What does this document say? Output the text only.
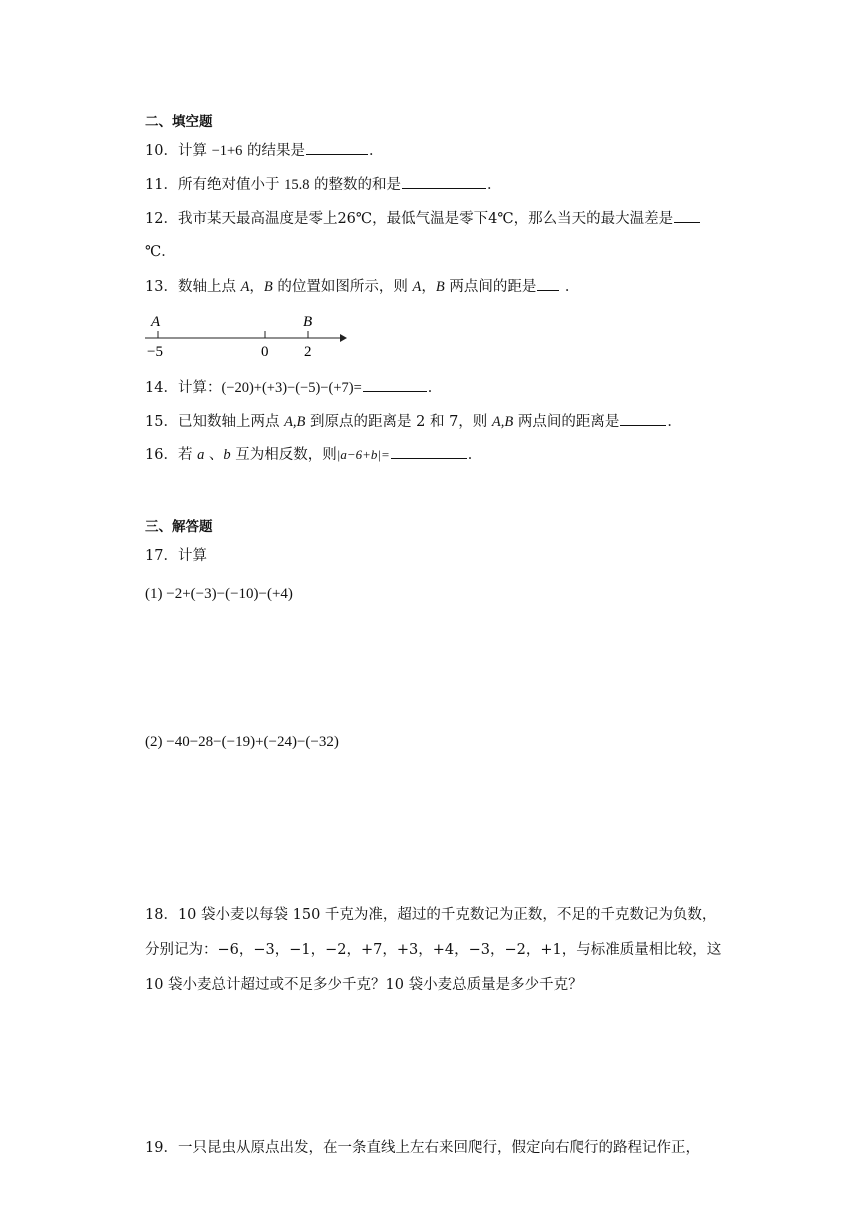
二、填空题
10．计算 −1+6 的结果是	．
11．所有绝对值小于 15.8 的整数的和是	．
12．我市某天最高温度是零上26℃，最低气温是零下4℃，那么当天的最大温差是
℃．
13．数轴上点 A，B 的位置如图所示，则 A，B 两点间的距是 ．
A	B
−5	0 2
14．计算：(−20)+(+3)−(−5)−(+7)=	．
15．已知数轴上两点 A,B 到原点的距离是 2 和 7，则 A,B 两点间的距离是	．
16．若 a 、b 互为相反数，则|a−6+b|=	．
三、解答题
17．计算
(1) −2+(−3)−(−10)−(+4)
(2) −40−28−(−19)+(−24)−(−32)
18．10 袋小麦以每袋 150 千克为准，超过的千克数记为正数，不足的千克数记为负数，
分别记为：−6，−3，−1，−2，+7，+3，+4，−3，−2，+1，与标准质量相比较，这
10 袋小麦总计超过或不足多少千克？10 袋小麦总质量是多少千克？
19．一只昆虫从原点出发，在一条直线上左右来回爬行，假定向右爬行的路程记作正，
